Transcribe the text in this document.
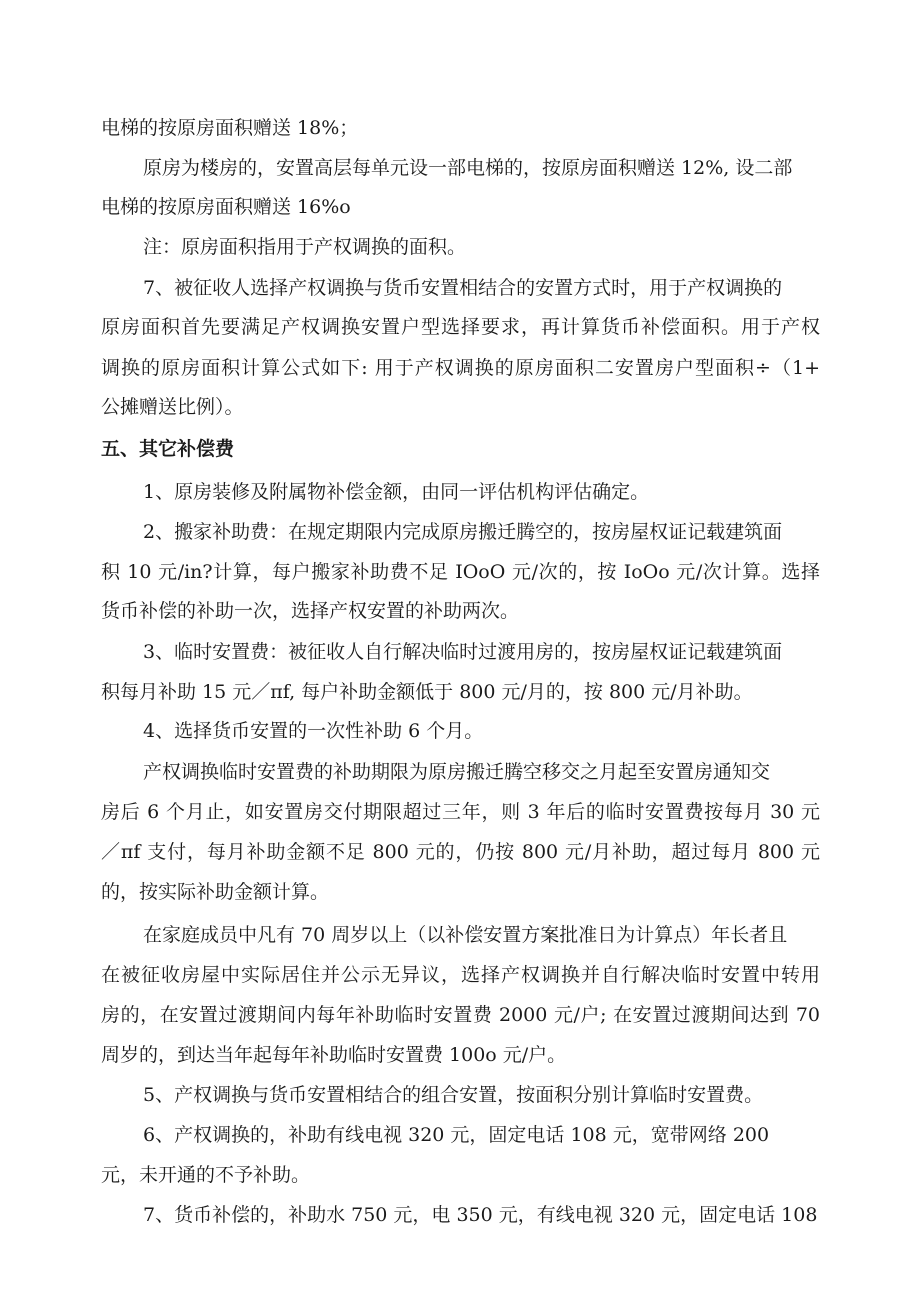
电梯的按原房面积赠送 18%；
原房为楼房的，安置高层每单元设一部电梯的，按原房面积赠送 12%, 设二部
电梯的按原房面积赠送 16%o
注：原房面积指用于产权调换的面积。
7、被征收人选择产权调换与货币安置相结合的安置方式时，用于产权调换的
原房面积首先要满足产权调换安置户型选择要求，再计算货币补偿面积。用于产权
调换的原房面积计算公式如下: 用于产权调换的原房面积二安置房户型面积÷（1+
公摊赠送比例）。
五、其它补偿费
1、原房装修及附属物补偿金额，由同一评估机构评估确定。
2、搬家补助费：在规定期限内完成原房搬迁腾空的，按房屋权证记载建筑面
积 10 元/in?计算，每户搬家补助费不足 IOoO 元/次的，按 IoOo 元/次计算。选择
货币补偿的补助一次，选择产权安置的补助两次。
3、临时安置费：被征收人自行解决临时过渡用房的，按房屋权证记载建筑面
积每月补助 15 元／πf, 每户补助金额低于 800 元/月的，按 800 元/月补助。
4、选择货币安置的一次性补助 6 个月。
产权调换临时安置费的补助期限为原房搬迁腾空移交之月起至安置房通知交
房后 6 个月止，如安置房交付期限超过三年，则 3 年后的临时安置费按每月 30 元
／πf 支付，每月补助金额不足 800 元的，仍按 800 元/月补助，超过每月 800 元
的，按实际补助金额计算。
在家庭成员中凡有 70 周岁以上（以补偿安置方案批准日为计算点）年长者且
在被征收房屋中实际居住并公示无异议，选择产权调换并自行解决临时安置中转用
房的，在安置过渡期间内每年补助临时安置费 2000 元/户; 在安置过渡期间达到 70
周岁的，到达当年起每年补助临时安置费 100o 元/户。
5、产权调换与货币安置相结合的组合安置，按面积分别计算临时安置费。
6、产权调换的，补助有线电视 320 元，固定电话 108 元，宽带网络 200
元，未开通的不予补助。
7、货币补偿的，补助水 750 元，电 350 元，有线电视 320 元，固定电话 108
